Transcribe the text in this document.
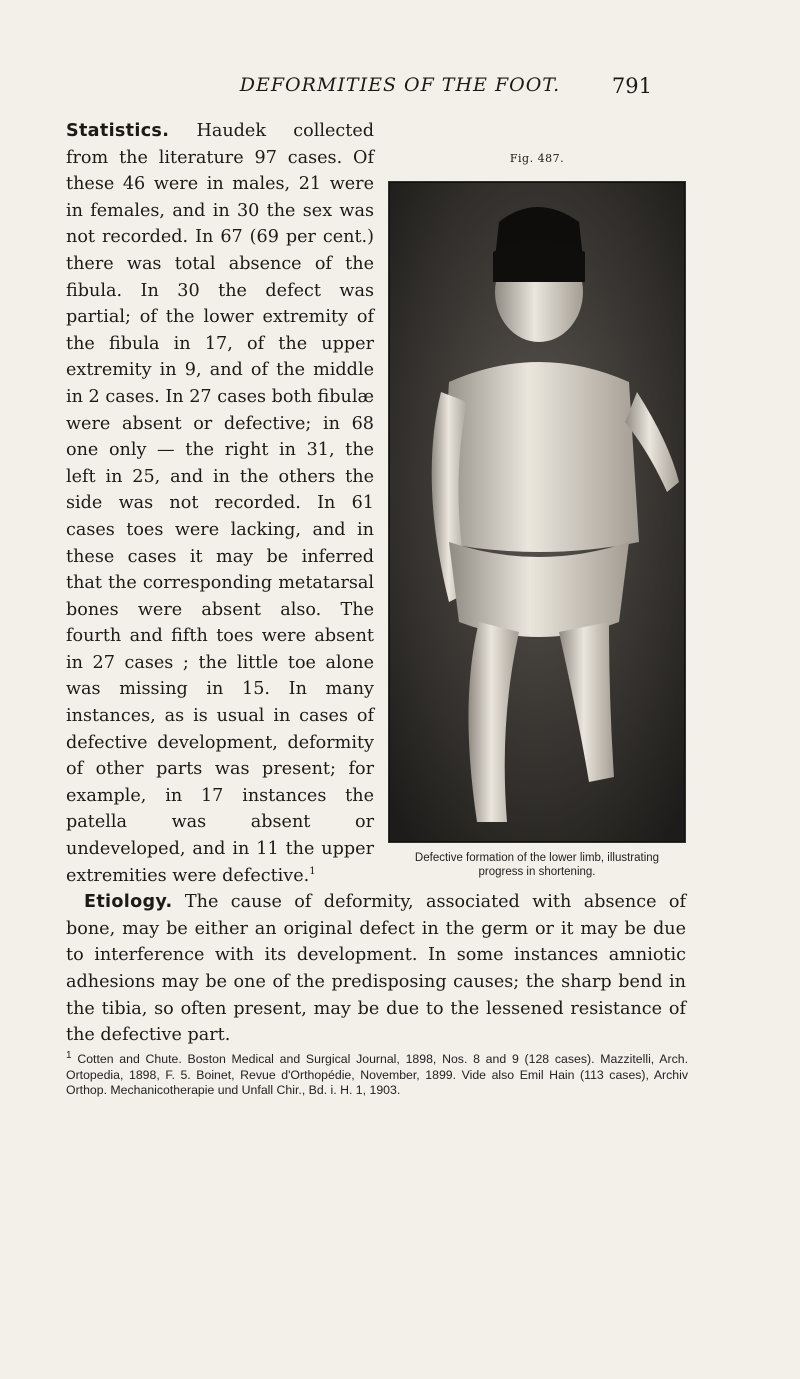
DEFORMITIES OF THE FOOT.	791
Fig. 487.
Defective formation of the lower limb, illustrating progress in shortening.
Statistics. Haudek collected from the literature 97 cases. Of these 46 were in males, 21 were in females, and in 30 the sex was not recorded. In 67 (69 per cent.) there was total absence of the fibula. In 30 the defect was partial; of the lower extremity of the fibula in 17, of the upper extremity in 9, and of the middle in 2 cases. In 27 cases both fibulæ were absent or defective; in 68 one only — the right in 31, the left in 25, and in the others the side was not recorded. In 61 cases toes were lacking, and in these cases it may be inferred that the corresponding metatarsal bones were absent also. The fourth and fifth toes were absent in 27 cases ; the little toe alone was missing in 15. In many instances, as is usual in cases of defective development, deformity of other parts was present; for example, in 17 instances the patella was absent or undeveloped, and in 11 the upper extremities were defective.$^1$
Etiology. The cause of deformity, associated with absence of bone, may be either an original defect in the germ or it may be due to interference with its development. In some instances amniotic adhesions may be one of the predisposing causes; the sharp bend in the tibia, so often present, may be due to the lessened resistance of the defective part.
$^1$ Cotten and Chute. Boston Medical and Surgical Journal, 1898, Nos. 8 and 9 (128 cases). Mazzitelli, Arch. Ortopedia, 1898, F. 5. Boinet, Revue d'Orthopédie, November, 1899. Vide also Emil Hain (113 cases), Archiv Orthop. Mechanicotherapie und Unfall Chir., Bd. i. H. 1, 1903.
